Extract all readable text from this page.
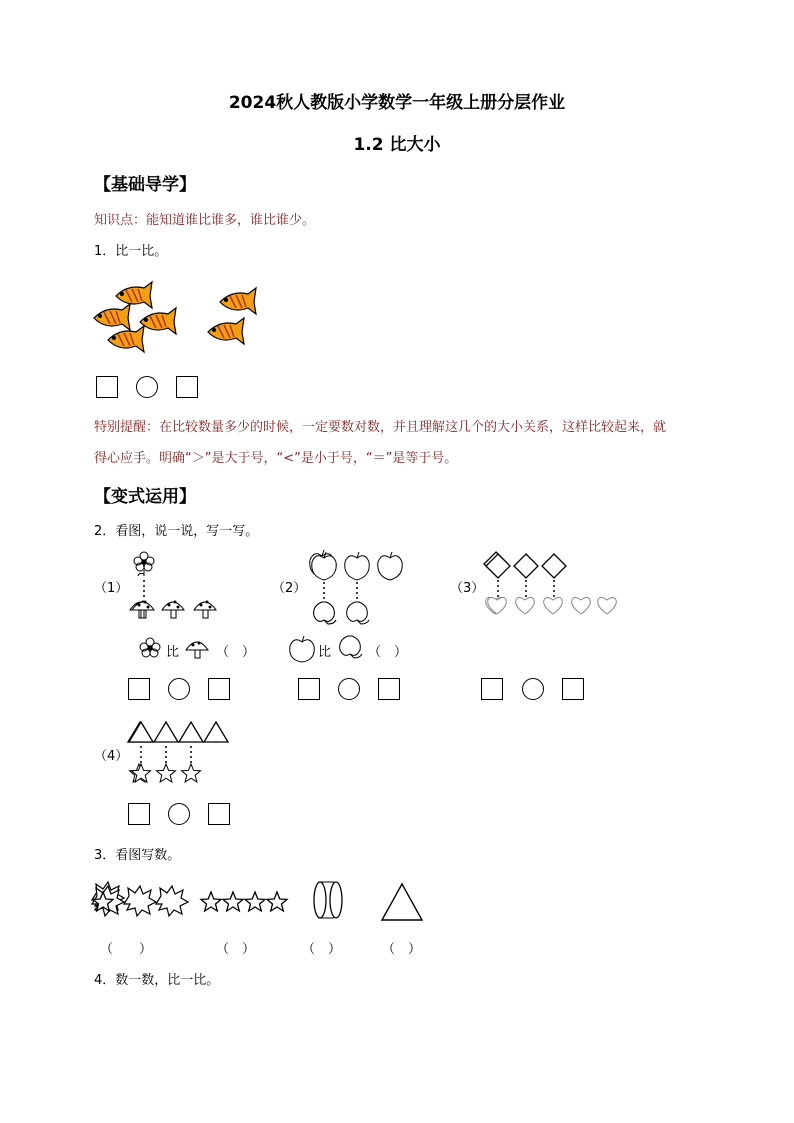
2024秋人教版小学数学一年级上册分层作业
1.2 比大小
【基础导学】
知识点：能知道谁比谁多，谁比谁少。
1．比一比。
特别提醒：在比较数量多少的时候，一定要数对数，并且理解这几个的大小关系，这样比较起来，就
得心应手。明确“＞”是大于号，“<”是小于号，“＝”是等于号。
【变式运用】
2．看图，说一说，写一写。
（1）	（2）	（3）
比	（　）	比	（　）
（4）
3．看图写数。
（　　）	（　）	（　）	（　）
4．数一数，比一比。
